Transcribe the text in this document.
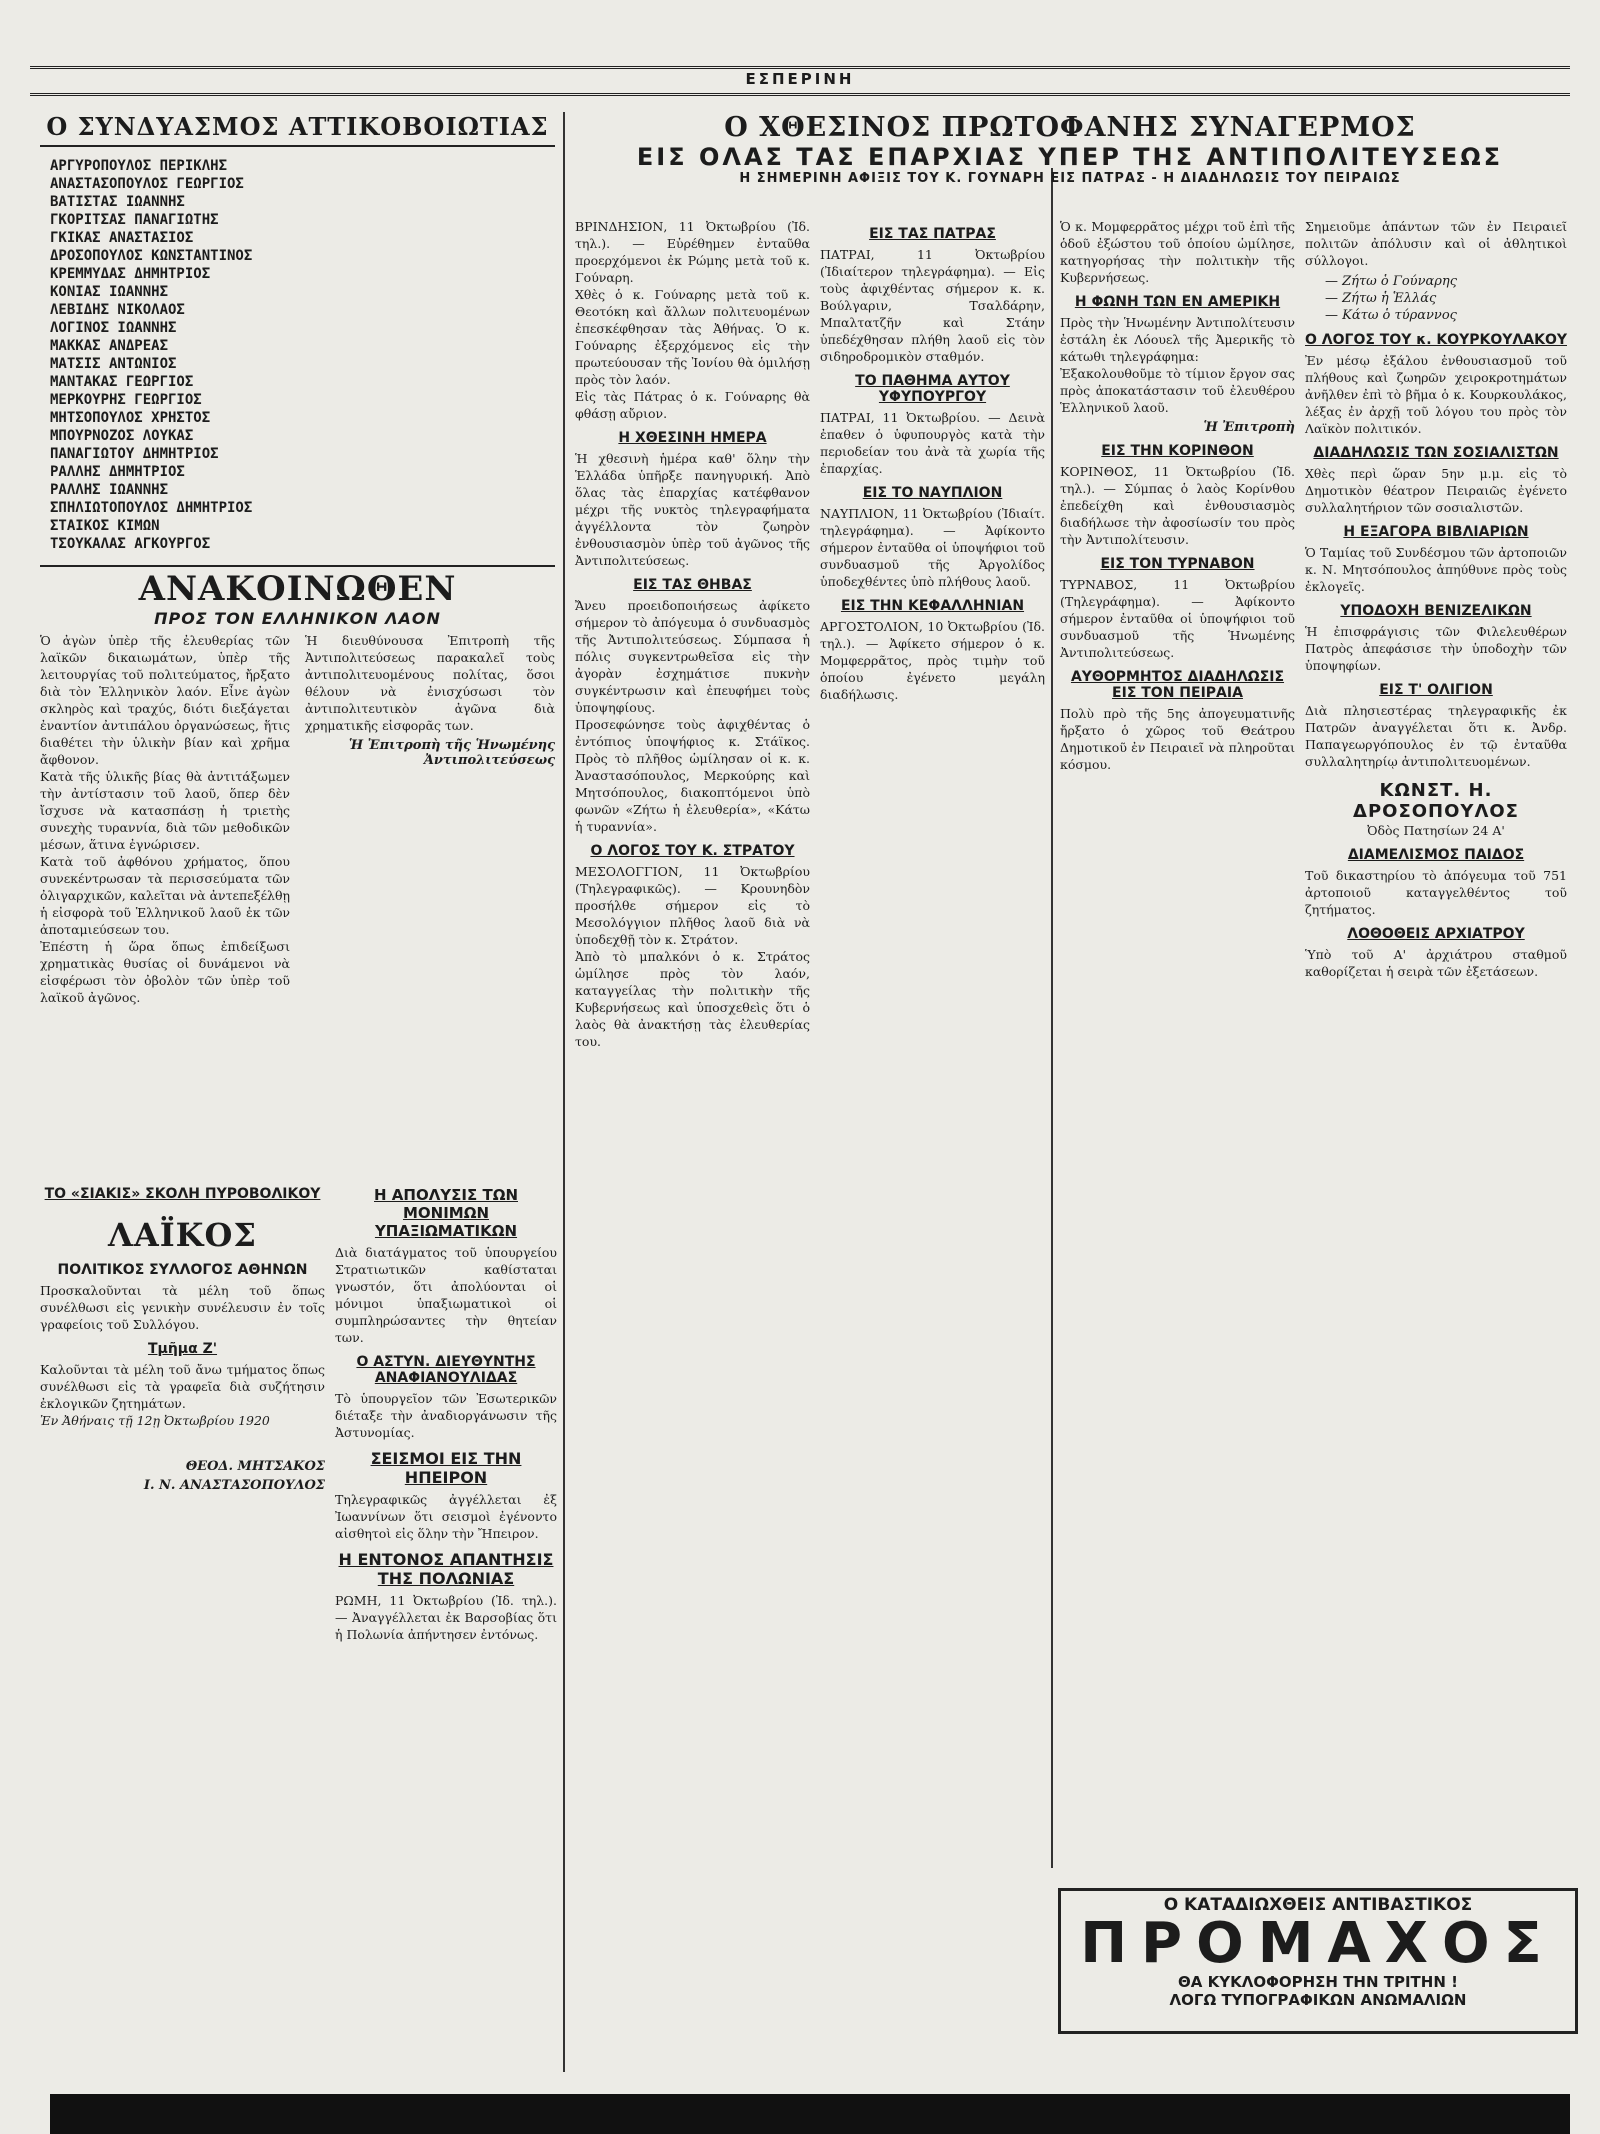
ΕΣΠΕΡΙΝΗ
Ο ΣΥΝΔΥΑΣΜΟΣ ΑΤΤΙΚΟΒΟΙΩΤΙΑΣ
ΑΡΓΥΡΟΠΟΥΛΟΣ ΠΕΡΙΚΛΗΣ
ΑΝΑΣΤΑΣΟΠΟΥΛΟΣ ΓΕΩΡΓΙΟΣ
ΒΑΤΙΣΤΑΣ ΙΩΑΝΝΗΣ
ΓΚΟΡΙΤΣΑΣ ΠΑΝΑΓΙΩΤΗΣ
ΓΚΙΚΑΣ ΑΝΑΣΤΑΣΙΟΣ
ΔΡΟΣΟΠΟΥΛΟΣ ΚΩΝΣΤΑΝΤΙΝΟΣ
ΚΡΕΜΜΥΔΑΣ ΔΗΜΗΤΡΙΟΣ
ΚΟΝΙΑΣ ΙΩΑΝΝΗΣ
ΛΕΒΙΔΗΣ ΝΙΚΟΛΑΟΣ
ΛΟΓΙΝΟΣ ΙΩΑΝΝΗΣ
ΜΑΚΚΑΣ ΑΝΔΡΕΑΣ
ΜΑΤΣΙΣ ΑΝΤΩΝΙΟΣ
ΜΑΝΤΑΚΑΣ ΓΕΩΡΓΙΟΣ
ΜΕΡΚΟΥΡΗΣ ΓΕΩΡΓΙΟΣ
ΜΗΤΣΟΠΟΥΛΟΣ ΧΡΗΣΤΟΣ
ΜΠΟΥΡΝΟΖΟΣ ΛΟΥΚΑΣ
ΠΑΝΑΓΙΩΤΟΥ ΔΗΜΗΤΡΙΟΣ
ΡΑΛΛΗΣ ΔΗΜΗΤΡΙΟΣ
ΡΑΛΛΗΣ ΙΩΑΝΝΗΣ
ΣΠΗΛΙΩΤΟΠΟΥΛΟΣ ΔΗΜΗΤΡΙΟΣ
ΣΤΑΙΚΟΣ ΚΙΜΩΝ
ΤΣΟΥΚΑΛΑΣ ΑΓΚΟΥΡΓΟΣ
ΑΝΑΚΟΙΝΩΘΕΝ
ΠΡΟΣ ΤΟΝ ΕΛΛΗΝΙΚΟΝ ΛΑΟΝ

Ὁ ἀγὼν ὑπὲρ τῆς ἐλευθερίας τῶν λαϊκῶν δικαιωμάτων, ὑπὲρ τῆς λειτουργίας τοῦ πολιτεύματος, ἤρξατο διὰ τὸν Ἑλληνικὸν λαόν. Εἶνε ἀγὼν σκληρὸς καὶ τραχύς, διότι διεξάγεται ἐναντίον ἀντιπάλου ὀργανώσεως, ἥτις διαθέτει τὴν ὑλικὴν βίαν καὶ χρῆμα ἄφθονον.

Κατὰ τῆς ὑλικῆς βίας θὰ ἀντιτάξωμεν τὴν ἀντίστασιν τοῦ λαοῦ, ὅπερ δὲν ἴσχυσε νὰ κατασπάσῃ ἡ τριετὴς συνεχὴς τυραννία, διὰ τῶν μεθοδικῶν μέσων, ἅτινα ἐγνώρισεν.

Κατὰ τοῦ ἀφθόνου χρήματος, ὅπου συνεκέντρωσαν τὰ περισσεύματα τῶν ὀλιγαρχικῶν, καλεῖται νὰ ἀντεπεξέλθῃ ἡ εἰσφορὰ τοῦ Ἑλληνικοῦ λαοῦ ἐκ τῶν ἀποταμιεύσεων του.

Ἐπέστη ἡ ὥρα ὅπως ἐπιδείξωσι χρηματικὰς θυσίας οἱ δυνάμενοι νὰ εἰσφέρωσι τὸν ὀβολὸν τῶν ὑπὲρ τοῦ λαϊκοῦ ἀγῶνος.

Ἡ διευθύνουσα Ἐπιτροπὴ τῆς Ἀντιπολιτεύσεως παρακαλεῖ τοὺς ἀντιπολιτευομένους πολίτας, ὅσοι θέλουν νὰ ἐνισχύσωσι τὸν ἀντιπολιτευτικὸν ἀγῶνα διὰ χρηματικῆς εἰσφορᾶς των.

Ἡ Ἐπιτροπὴ τῆς Ἡνωμένης Ἀντιπολιτεύσεως
ΤΟ «ΣΙΑΚΙΣ» ΣΚΟΛΗ ΠΥΡΟΒΟΛΙΚΟΥ
ΛΑΪΚΟΣ
ΠΟΛΙΤΙΚΟΣ ΣΥΛΛΟΓΟΣ ΑΘΗΝΩΝ

Προσκαλοῦνται τὰ μέλη τοῦ ὅπως συνέλθωσι εἰς γενικὴν συνέλευσιν ἐν τοῖς γραφείοις τοῦ Συλλόγου.

Τμῆμα Ζ'

Καλοῦνται τὰ μέλη τοῦ ἄνω τμήματος ὅπως συνέλθωσι εἰς τὰ γραφεῖα διὰ συζήτησιν ἐκλογικῶν ζητημάτων.

Ἐν Ἀθήναις τῇ 12ῃ Ὀκτωβρίου 1920

ΘΕΟΔ. ΜΗΤΣΑΚΟΣ
Ι. Ν. ΑΝΑΣΤΑΣΟΠΟΥΛΟΣ
Η ΑΠΟΛΥΣΙΣ ΤΩΝ ΜΟΝΙΜΩΝ ΥΠΑΞΙΩΜΑΤΙΚΩΝ

Διὰ διατάγματος τοῦ ὑπουργείου Στρατιωτικῶν καθίσταται γνωστόν, ὅτι ἀπολύονται οἱ μόνιμοι ὑπαξιωματικοὶ οἱ συμπληρώσαντες τὴν θητείαν των.

Ο ΑΣΤΥΝ. ΔΙΕΥΘΥΝΤΗΣ ΑΝΑΦΙΑΝΟΥΛΙΔΑΣ

Τὸ ὑπουργεῖον τῶν Ἐσωτερικῶν διέταξε τὴν ἀναδιοργάνωσιν τῆς Ἀστυνομίας.

ΣΕΙΣΜΟΙ ΕΙΣ ΤΗΝ ΗΠΕΙΡΟΝ

Τηλεγραφικῶς ἀγγέλλεται ἐξ Ἰωαννίνων ὅτι σεισμοὶ ἐγένοντο αἰσθητοὶ εἰς ὅλην τὴν Ἤπειρον.

Η ΕΝΤΟΝΟΣ ΑΠΑΝΤΗΣΙΣ ΤΗΣ ΠΟΛΩΝΙΑΣ

ΡΩΜΗ, 11 Ὀκτωβρίου (Ἰδ. τηλ.). — Ἀναγγέλλεται ἐκ Βαρσοβίας ὅτι ἡ Πολωνία ἀπήντησεν ἐντόνως.

Ο ΧΘΕΣΙΝΟΣ ΠΡΩΤΟΦΑΝΗΣ ΣΥΝΑΓΕΡΜΟΣ
ΕΙΣ ΟΛΑΣ ΤΑΣ ΕΠΑΡΧΙΑΣ ΥΠΕΡ ΤΗΣ ΑΝΤΙΠΟΛΙΤΕΥΣΕΩΣ
Η ΣΗΜΕΡΙΝΗ ΑΦΙΞΙΣ ΤΟΥ Κ. ΓΟΥΝΑΡΗ ΕΙΣ ΠΑΤΡΑΣ - Η ΔΙΑΔΗΛΩΣΙΣ ΤΟΥ ΠΕΙΡΑΙΩΣ

ΒΡΙΝΔΗΣΙΟΝ, 11 Ὀκτωβρίου (Ἰδ. τηλ.). — Εὑρέθημεν ἐνταῦθα προερχόμενοι ἐκ Ρώμης μετὰ τοῦ κ. Γούναρη.

Χθὲς ὁ κ. Γούναρης μετὰ τοῦ κ. Θεοτόκη καὶ ἄλλων πολιτευομένων ἐπεσκέφθησαν τὰς Ἀθήνας. Ὁ κ. Γούναρης ἐξερχόμενος εἰς τὴν πρωτεύουσαν τῆς Ἰονίου θὰ ὁμιλήσῃ πρὸς τὸν λαόν.

Εἰς τὰς Πάτρας ὁ κ. Γούναρης θὰ φθάσῃ αὔριον.

Η ΧΘΕΣΙΝΗ ΗΜΕΡΑ

Ἡ χθεσινὴ ἡμέρα καθ' ὅλην τὴν Ἑλλάδα ὑπῆρξε πανηγυρική. Ἀπὸ ὅλας τὰς ἐπαρχίας κατέφθανον μέχρι τῆς νυκτὸς τηλεγραφήματα ἀγγέλλοντα τὸν ζωηρὸν ἐνθουσιασμὸν ὑπὲρ τοῦ ἀγῶνος τῆς Ἀντιπολιτεύσεως.

ΕΙΣ ΤΑΣ ΘΗΒΑΣ

Ἄνευ προειδοποιήσεως ἀφίκετο σήμερον τὸ ἀπόγευμα ὁ συνδυασμὸς τῆς Ἀντιπολιτεύσεως. Σύμπασα ἡ πόλις συγκεντρωθεῖσα εἰς τὴν ἀγορὰν ἐσχημάτισε πυκνὴν συγκέντρωσιν καὶ ἐπευφήμει τοὺς ὑποψηφίους.

Προσεφώνησε τοὺς ἀφιχθέντας ὁ ἐντόπιος ὑποψήφιος κ. Στάϊκος. Πρὸς τὸ πλῆθος ὡμίλησαν οἱ κ. κ. Ἀναστασόπουλος, Μερκούρης καὶ Μητσόπουλος, διακοπτόμενοι ὑπὸ φωνῶν «Ζήτω ἡ ἐλευθερία», «Κάτω ἡ τυραννία».

Ο ΛΟΓΟΣ ΤΟΥ Κ. ΣΤΡΑΤΟΥ

ΜΕΣΟΛΟΓΓΙΟΝ, 11 Ὀκτωβρίου (Τηλεγραφικῶς). — Κρουνηδὸν προσήλθε σήμερον εἰς τὸ Μεσολόγγιον πλῆθος λαοῦ διὰ νὰ ὑποδεχθῇ τὸν κ. Στράτον.

Ἀπὸ τὸ μπαλκόνι ὁ κ. Στράτος ὡμίλησε πρὸς τὸν λαόν, καταγγείλας τὴν πολιτικὴν τῆς Κυβερνήσεως καὶ ὑποσχεθεὶς ὅτι ὁ λαὸς θὰ ἀνακτήσῃ τὰς ἐλευθερίας του.

ΕΙΣ ΤΑΣ ΠΑΤΡΑΣ

ΠΑΤΡΑΙ, 11 Ὀκτωβρίου (Ἰδιαίτερον τηλεγράφημα). — Εἰς τοὺς ἀφιχθέντας σήμερον κ. κ. Βούλγαριν, Τσαλδάρην, Μπαλτατζῆν καὶ Στάην ὑπεδέχθησαν πλήθη λαοῦ εἰς τὸν σιδηροδρομικὸν σταθμόν.

ΤΟ ΠΑΘΗΜΑ ΑΥΤΟΥ ΥΦΥΠΟΥΡΓΟΥ

ΠΑΤΡΑΙ, 11 Ὀκτωβρίου. — Δεινὰ ἐπαθεν ὁ ὑφυπουργὸς κατὰ τὴν περιοδείαν του ἀνὰ τὰ χωρία τῆς ἐπαρχίας.

ΕΙΣ ΤΟ ΝΑΥΠΛΙΟΝ

ΝΑΥΠΛΙΟΝ, 11 Ὀκτωβρίου (Ἰδιαίτ. τηλεγράφημα). — Ἀφίκοντο σήμερον ἐνταῦθα οἱ ὑποψήφιοι τοῦ συνδυασμοῦ τῆς Ἀργολίδος ὑποδεχθέντες ὑπὸ πλήθους λαοῦ.

ΕΙΣ ΤΗΝ ΚΕΦΑΛΛΗΝΙΑΝ

ΑΡΓΟΣΤΟΛΙΟΝ, 10 Ὀκτωβρίου (Ἰδ. τηλ.). — Ἀφίκετο σήμερον ὁ κ. Μομφερρᾶτος, πρὸς τιμὴν τοῦ ὁποίου ἐγένετο μεγάλη διαδήλωσις.

Ὁ κ. Μομφερρᾶτος μέχρι τοῦ ἐπὶ τῆς ὁδοῦ ἐξώστου τοῦ ὁποίου ὡμίλησε, κατηγορήσας τὴν πολιτικὴν τῆς Κυβερνήσεως.

Η ΦΩΝΗ ΤΩΝ ΕΝ ΑΜΕΡΙΚΗ

Πρὸς τὴν Ἡνωμένην Ἀντιπολίτευσιν ἐστάλη ἐκ Λόουελ τῆς Ἀμερικῆς τὸ κάτωθι τηλεγράφημα:

Ἐξακολουθοῦμε τὸ τίμιον ἔργον σας πρὸς ἀποκατάστασιν τοῦ ἐλευθέρου Ἑλληνικοῦ λαοῦ.

Ἡ Ἐπιτροπὴ
ΕΙΣ ΤΗΝ ΚΟΡΙΝΘΟΝ

ΚΟΡΙΝΘΟΣ, 11 Ὀκτωβρίου (Ἰδ. τηλ.). — Σύμπας ὁ λαὸς Κορίνθου ἐπεδείχθη καὶ ἐνθουσιασμὸς διαδήλωσε τὴν ἀφοσίωσίν του πρὸς τὴν Ἀντιπολίτευσιν.

ΕΙΣ ΤΟΝ ΤΥΡΝΑΒΟΝ

ΤΥΡΝΑΒΟΣ, 11 Ὀκτωβρίου (Τηλεγράφημα). — Ἀφίκοντο σήμερον ἐνταῦθα οἱ ὑποψήφιοι τοῦ συνδυασμοῦ τῆς Ἡνωμένης Ἀντιπολιτεύσεως.

ΑΥΘΟΡΜΗΤΟΣ ΔΙΑΔΗΛΩΣΙΣ ΕΙΣ ΤΟΝ ΠΕΙΡΑΙΑ

Πολὺ πρὸ τῆς 5ης ἀπογευματινῆς ἤρξατο ὁ χῶρος τοῦ Θεάτρου Δημοτικοῦ ἐν Πειραιεῖ νὰ πληροῦται κόσμου.

Σημειοῦμε ἁπάντων τῶν ἐν Πειραιεῖ πολιτῶν ἀπόλυσιν καὶ οἱ ἀθλητικοὶ σύλλογοι.

— Ζήτω ὁ Γούναρης
— Ζήτω ἡ Ἑλλάς
— Κάτω ὁ τύραννος
Ο ΛΟΓΟΣ ΤΟΥ κ. ΚΟΥΡΚΟΥΛΑΚΟΥ

Ἐν μέσῳ ἐξάλου ἐνθουσιασμοῦ τοῦ πλήθους καὶ ζωηρῶν χειροκροτημάτων ἀνῆλθεν ἐπὶ τὸ βῆμα ὁ κ. Κουρκουλάκος, λέξας ἐν ἀρχῇ τοῦ λόγου του πρὸς τὸν Λαϊκὸν πολιτικόν.

ΔΙΑΔΗΛΩΣΙΣ ΤΩΝ ΣΟΣΙΑΛΙΣΤΩΝ

Χθὲς περὶ ὥραν 5ην μ.μ. εἰς τὸ Δημοτικὸν θέατρον Πειραιῶς ἐγένετο συλλαλητήριον τῶν σοσιαλιστῶν.

Η ΕΞΑΓΟΡΑ ΒΙΒΛΙΑΡΙΩΝ

Ὁ Ταμίας τοῦ Συνδέσμου τῶν ἀρτοποιῶν κ. Ν. Μητσόπουλος ἀπηύθυνε πρὸς τοὺς ἐκλογεῖς.

ΥΠΟΔΟΧΗ ΒΕΝΙΖΕΛΙΚΩΝ

Ἡ ἐπισφράγισις τῶν Φιλελευθέρων Πατρὸς ἀπεφάσισε τὴν ὑποδοχὴν τῶν ὑποψηφίων.

ΕΙΣ Τ' ΟΛΙΓΙΟΝ

Διὰ πλησιεστέρας τηλεγραφικῆς ἐκ Πατρῶν ἀναγγέλεται ὅτι κ. Ἀνδρ. Παπαγεωργόπουλος ἐν τῷ ἐνταῦθα συλλαλητηρίῳ ἀντιπολιτευομένων.

ΚΩΝΣΤ. Η. ΔΡΟΣΟΠΟΥΛΟΣ

Ὀδὸς Πατησίων 24 Α'

ΔΙΑΜΕΛΙΣΜΟΣ ΠΑΙΔΟΣ

Τοῦ δικαστηρίου τὸ ἀπόγευμα τοῦ 751 ἀρτοποιοῦ καταγγελθέντος τοῦ ζητήματος.

ΛΟΘΟΘΕΙΣ ΑΡΧΙΑΤΡΟΥ

Ὑπὸ τοῦ Α' ἀρχιάτρου σταθμοῦ καθορίζεται ἡ σειρὰ τῶν ἐξετάσεων.

Ο ΚΑΤΑΔΙΩΧΘΕΙΣ ΑΝΤΙΒΑΣΤΙΚΟΣ
ΠΡΟΜΑΧΟΣ
ΘΑ ΚΥΚΛΟΦΟΡΗΣΗ ΤΗΝ ΤΡΙΤΗΝ !
ΛΟΓΩ ΤΥΠΟΓΡΑΦΙΚΩΝ ΑΝΩΜΑΛΙΩΝ
